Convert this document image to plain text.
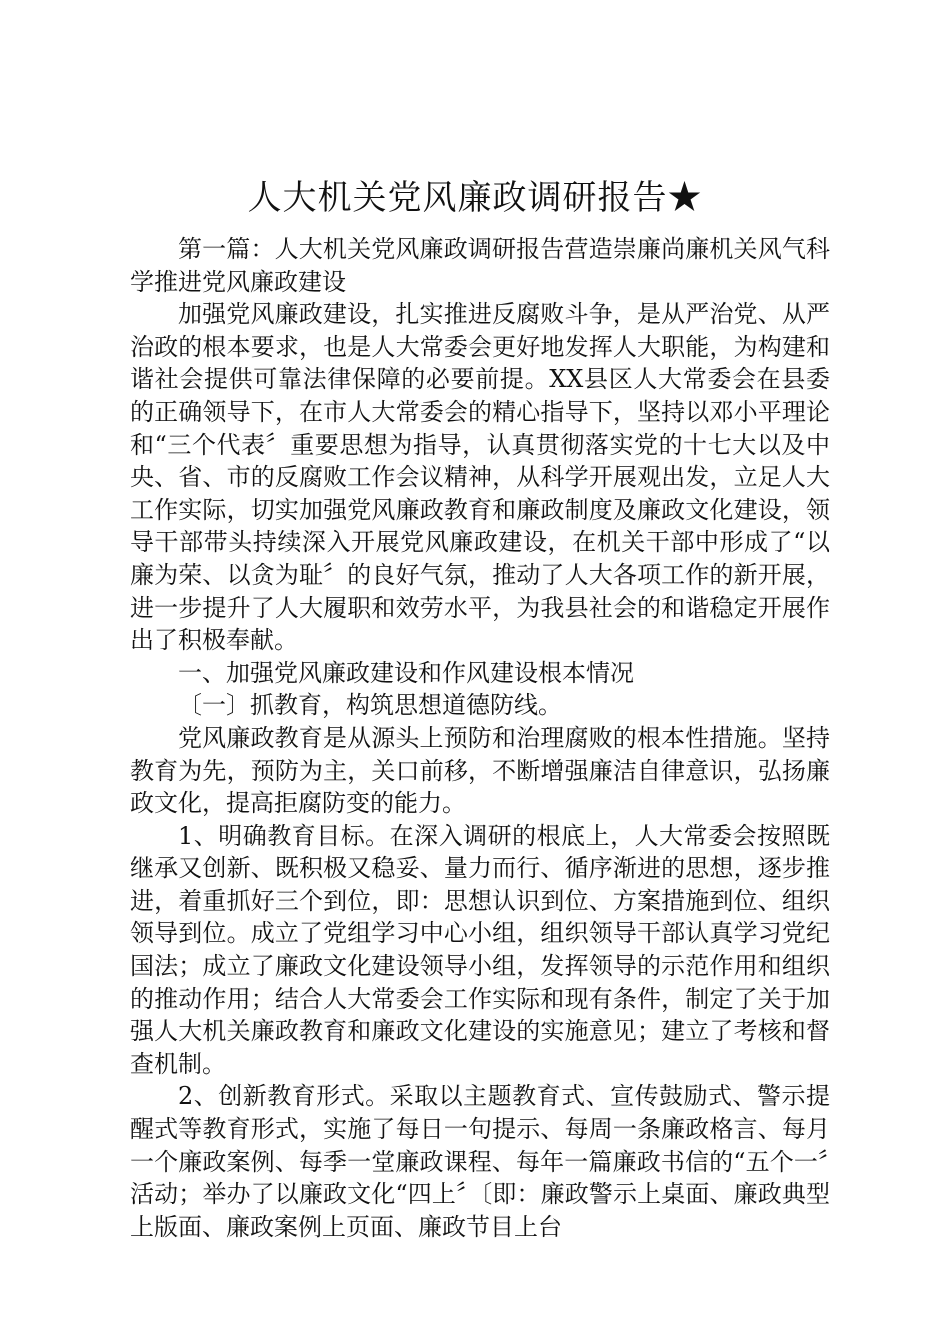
人大机关党风廉政调研报告★

第一篇：人大机关党风廉政调研报告营造崇廉尚廉机关风气科学推进党风廉政建设

加强党风廉政建设，扎实推进反腐败斗争，是从严治党、从严治政的根本要求，也是人大常委会更好地发挥人大职能，为构建和谐社会提供可靠法律保障的必要前提。XX县区人大常委会在县委的正确领导下，在市人大常委会的精心指导下，坚持以邓小平理论和“三个代表〞重要思想为指导，认真贯彻落实党的十七大以及中央、省、市的反腐败工作会议精神，从科学开展观出发，立足人大工作实际，切实加强党风廉政教育和廉政制度及廉政文化建设，领导干部带头持续深入开展党风廉政建设，在机关干部中形成了“以廉为荣、以贪为耻〞的良好气氛，推动了人大各项工作的新开展，进一步提升了人大履职和效劳水平，为我县社会的和谐稳定开展作出了积极奉献。

一、加强党风廉政建设和作风建设根本情况

〔一〕抓教育，构筑思想道德防线。

党风廉政教育是从源头上预防和治理腐败的根本性措施。坚持教育为先，预防为主，关口前移，不断增强廉洁自律意识，弘扬廉政文化，提高拒腐防变的能力。

1、明确教育目标。在深入调研的根底上，人大常委会按照既继承又创新、既积极又稳妥、量力而行、循序渐进的思想，逐步推进，着重抓好三个到位，即：思想认识到位、方案措施到位、组织领导到位。成立了党组学习中心小组，组织领导干部认真学习党纪国法；成立了廉政文化建设领导小组，发挥领导的示范作用和组织的推动作用；结合人大常委会工作实际和现有条件，制定了关于加强人大机关廉政教育和廉政文化建设的实施意见；建立了考核和督查机制。

2、创新教育形式。采取以主题教育式、宣传鼓励式、警示提醒式等教育形式，实施了每日一句提示、每周一条廉政格言、每月一个廉政案例、每季一堂廉政课程、每年一篇廉政书信的“五个一〞活动；举办了以廉政文化“四上〞〔即：廉政警示上桌面、廉政典型上版面、廉政案例上页面、廉政节目上台
